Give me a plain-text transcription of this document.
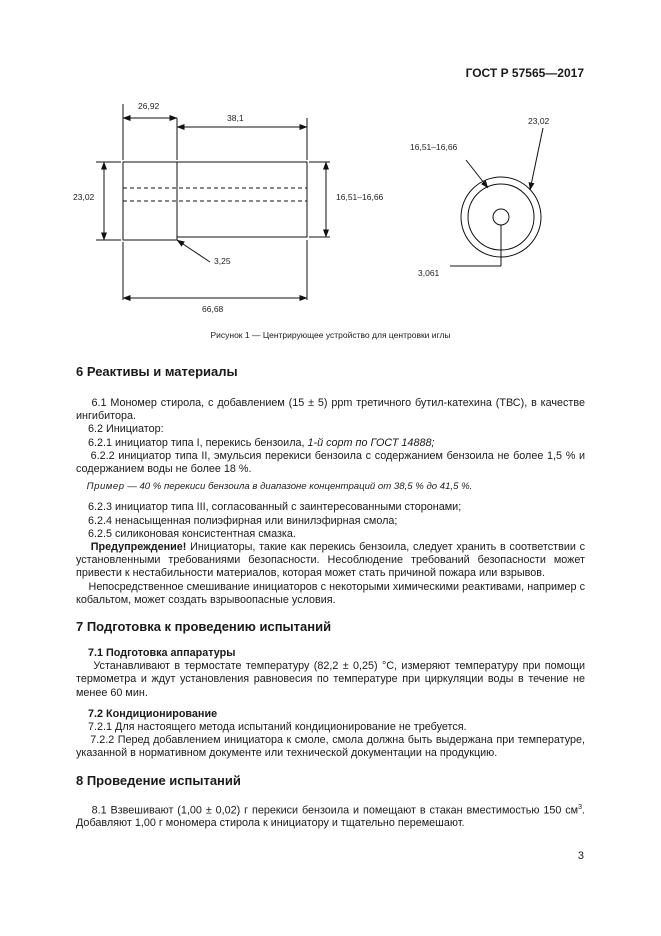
ГОСТ Р 57565—2017
26,92
38,1
23,02	16,51–16,66
3,25
66,68
16,51–16,66
23,02
3,061
Рисунок 1 — Центрирующее устройство для центровки иглы
6 Реактивы и материалы

6.1 Мономер стирола, с добавлением (15 ± 5) ppm третичного бутил-катехина (ТВС), в качестве ингибитора.

6.2 Инициатор:

6.2.1 инициатор типа I, перекись бензоила, 1-й сорт по ГОСТ 14888;

6.2.2 инициатор типа II, эмульсия перекиси бензоила с содержанием бензоила не более 1,5 % и содержанием воды не более 18 %.

Пример — 40 % перекиси бензоила в диапазоне концентраций от 38,5 % до 41,5 %.

6.2.3 инициатор типа III, согласованный с заинтересованными сторонами;

6.2.4 ненасыщенная полиэфирная или винилэфирная смола;

6.2.5 силиконовая консистентная смазка.

Предупреждение! Инициаторы, такие как перекись бензоила, следует хранить в соответствии с установленными требованиями безопасности. Несоблюдение требований безопасности может привести к нестабильности материалов, которая может стать причиной пожара или взрывов.

Непосредственное смешивание инициаторов с некоторыми химическими реактивами, например с кобальтом, может создать взрывоопасные условия.

7 Подготовка к проведению испытаний

7.1 Подготовка аппаратуры

Устанавливают в термостате температуру (82,2 ± 0,25) °С, измеряют температуру при помощи термометра и ждут установления равновесия по температуре при циркуляции воды в течение не менее 60 мин.

7.2 Кондиционирование

7.2.1 Для настоящего метода испытаний кондиционирование не требуется.

7.2.2 Перед добавлением инициатора к смоле, смола должна быть выдержана при температуре, указанной в нормативном документе или технической документации на продукцию.

8 Проведение испытаний

8.1 Взвешивают (1,00 ± 0,02) г перекиси бензоила и помещают в стакан вместимостью 150 $см^3$. Добавляют 1,00 г мономера стирола к инициатору и тщательно перемешают.

3
